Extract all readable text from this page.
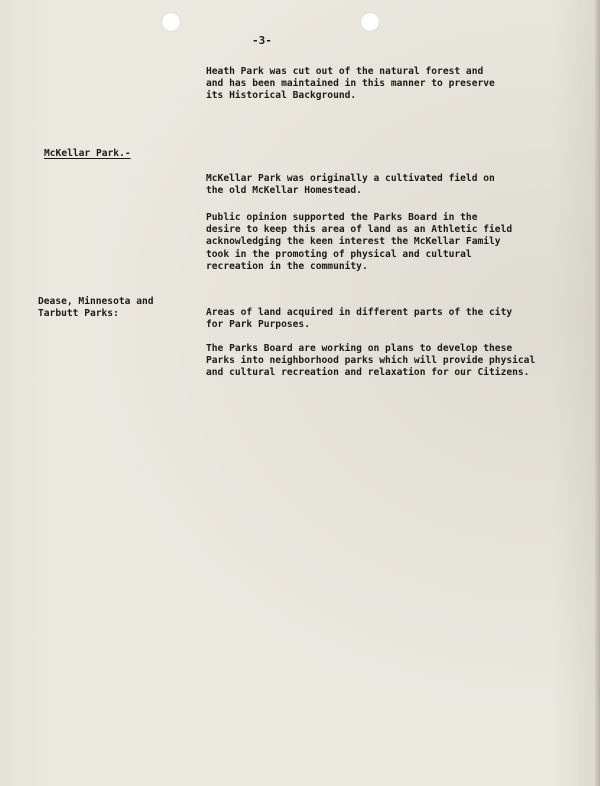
-3-
Heath Park was cut out of the natural forest and
and has been maintained in this manner to preserve
its Historical Background.
McKellar Park.-
McKellar Park was originally a cultivated field on
the old McKellar Homestead.
Public opinion supported the Parks Board in the
desire to keep this area of land as an Athletic field
acknowledging the keen interest the McKellar Family
took in the promoting of physical and cultural
recreation in the community.
Dease, Minnesota and
Tarbutt Parks:	Areas of land acquired in different parts of the city
for Park Purposes.
The Parks Board are working on plans to develop these
Parks into neighborhood parks which will provide physical
and cultural recreation and relaxation for our Citizens.
